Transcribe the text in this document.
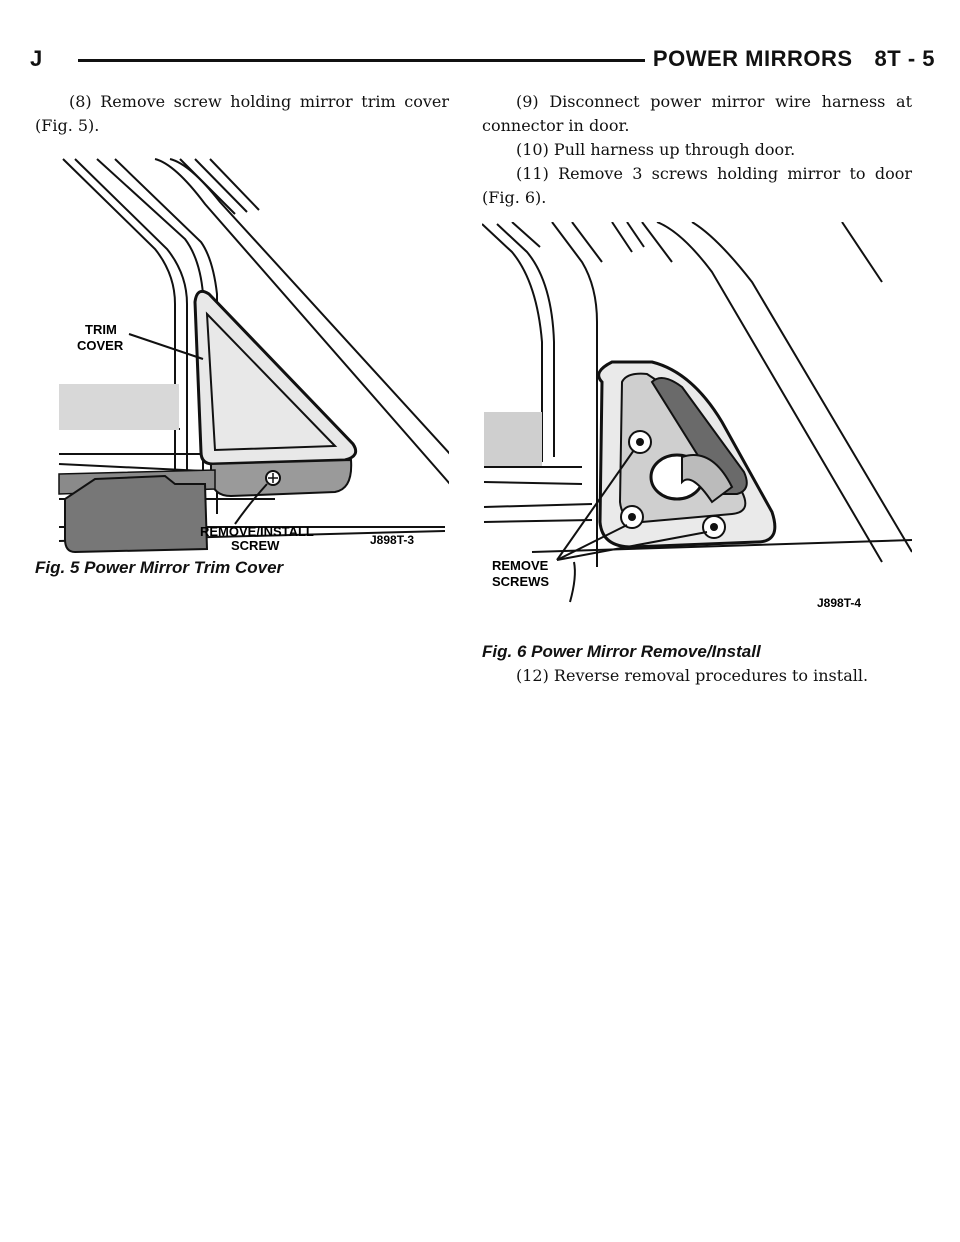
J	POWER MIRRORS 8T - 5

(8) Remove screw holding mirror trim cover (Fig. 5).

TRIM
COVER
REMOVE/INSTALL
SCREW	J898T-3

Fig. 5 Power Mirror Trim Cover

(9) Disconnect power mirror wire harness at connector in door.

(10) Pull harness up through door.

(11) Remove 3 screws holding mirror to door (Fig. 6).

REMOVE
SCREWS
J898T-4

Fig. 6 Power Mirror Remove/Install

(12) Reverse removal procedures to install.
